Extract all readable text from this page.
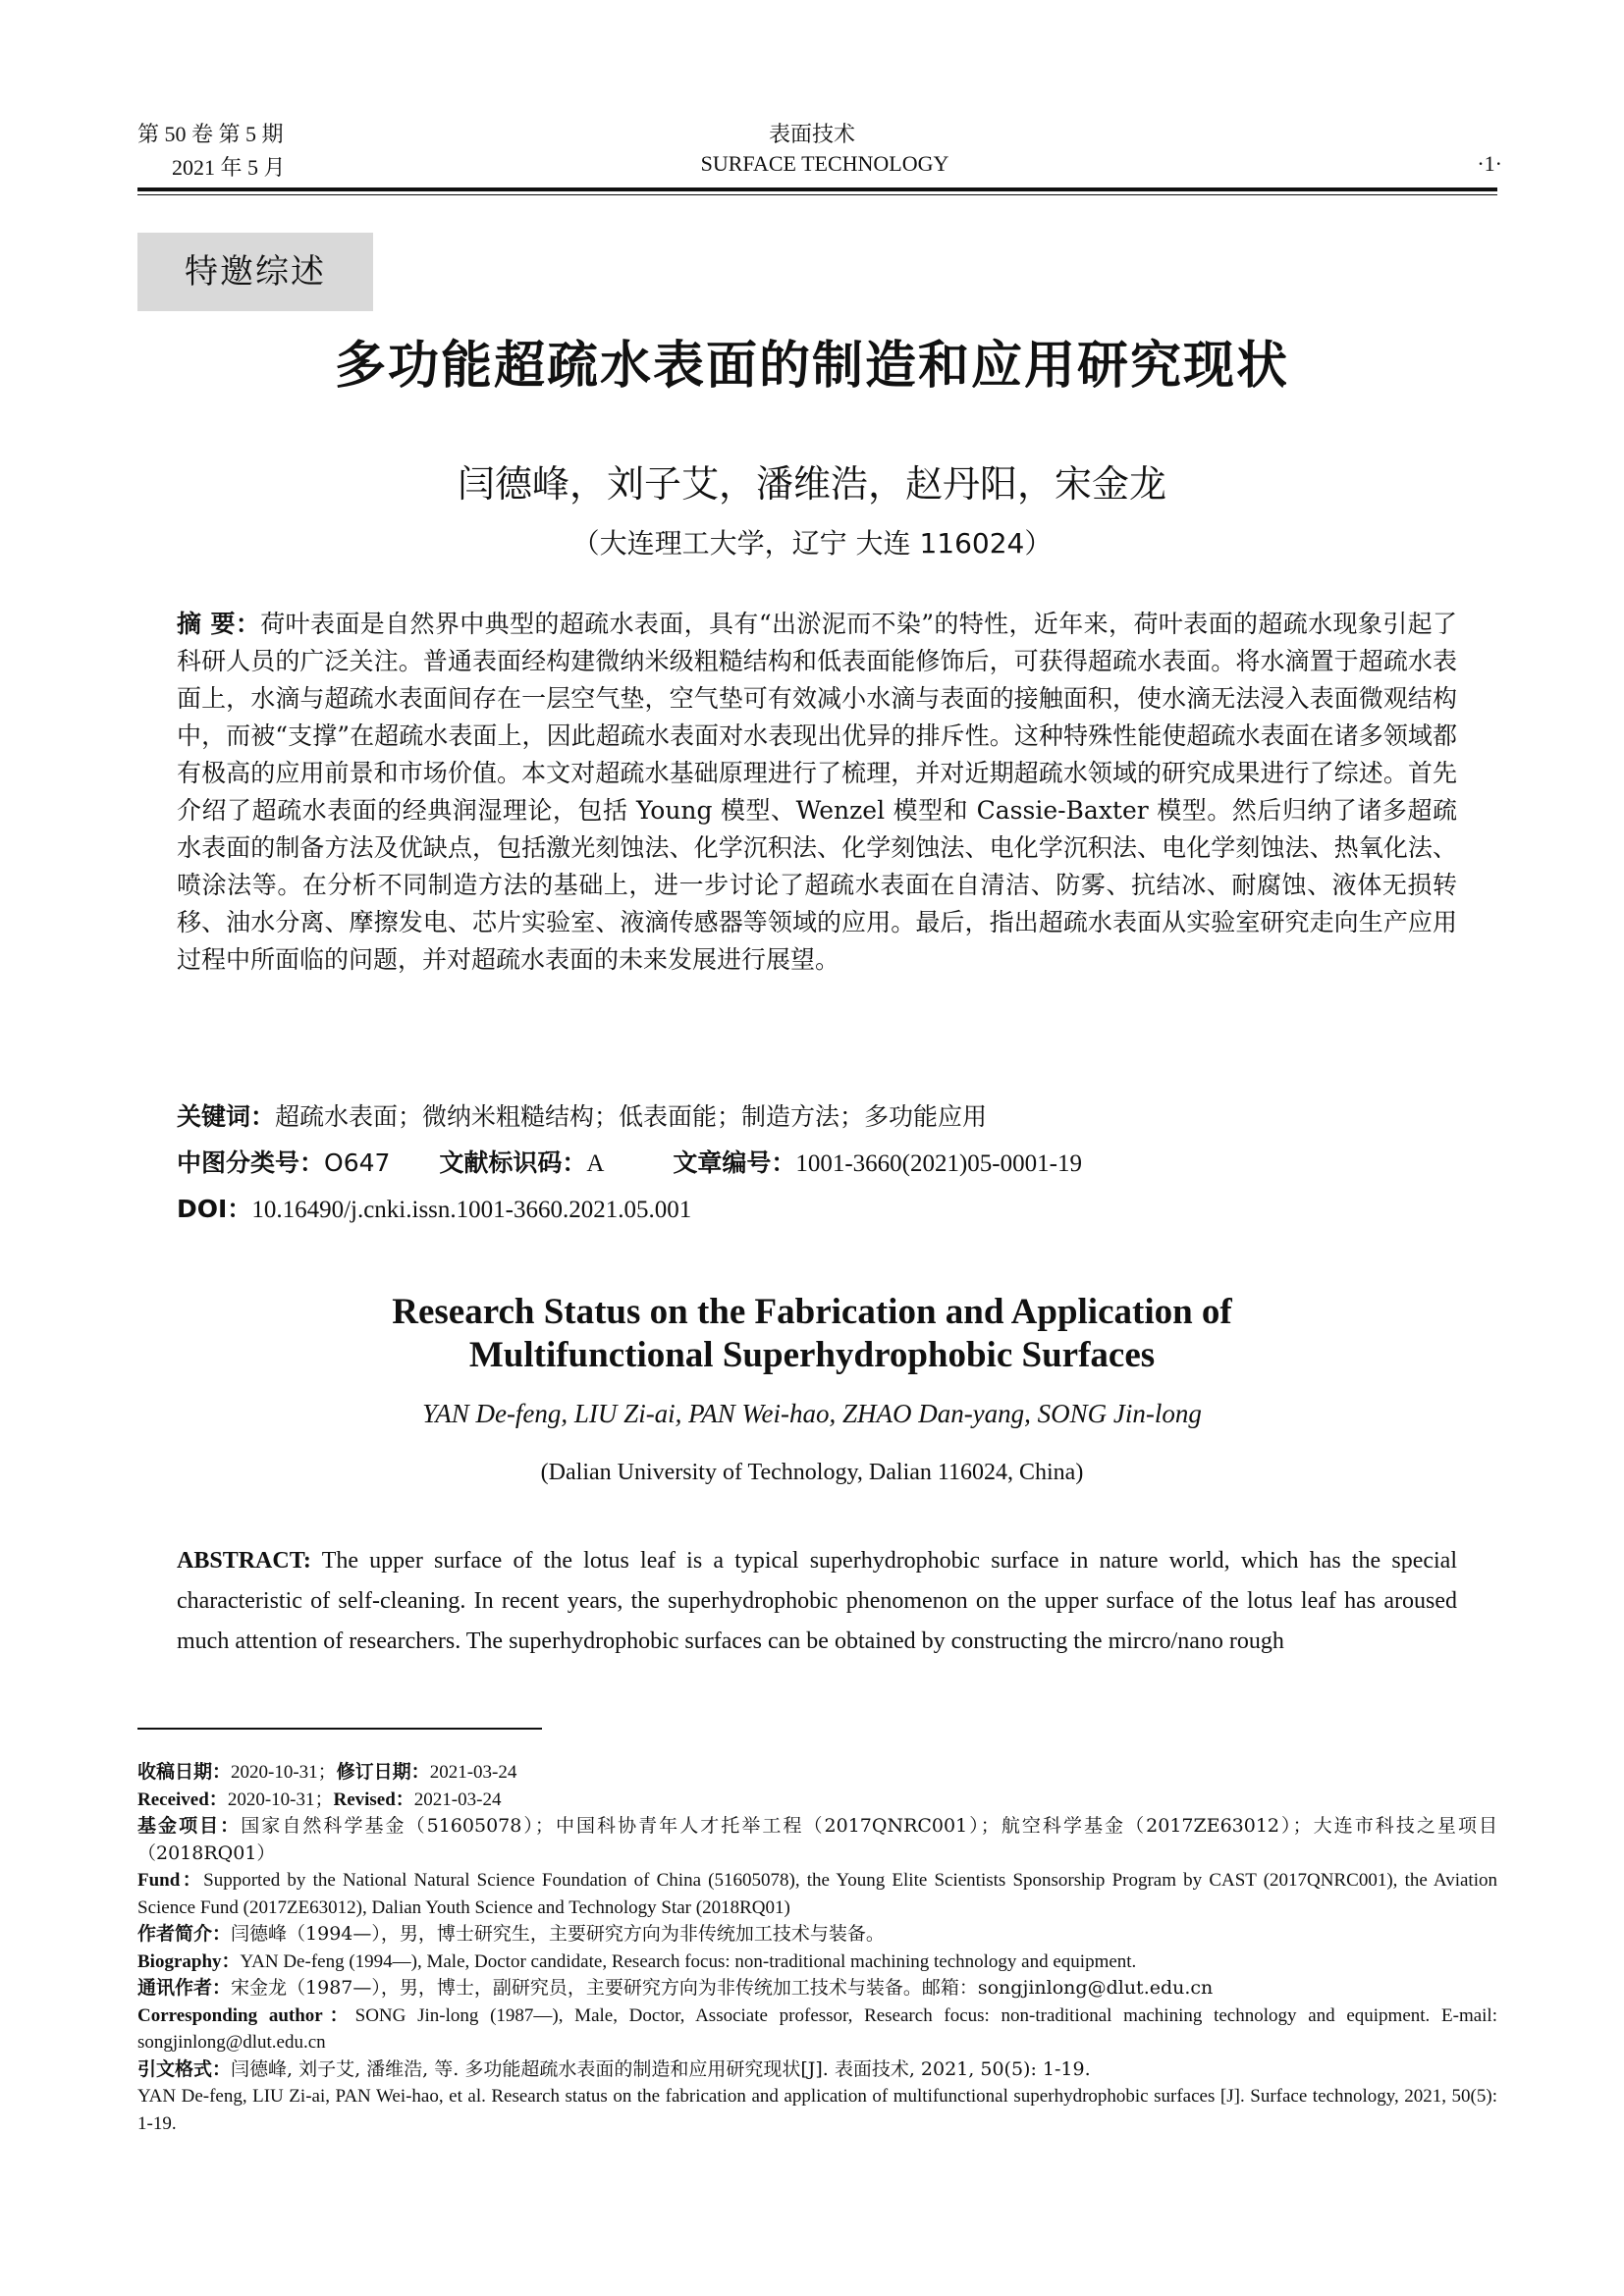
第 50 卷 第 5 期
2021 年 5 月
表面技术
SURFACE TECHNOLOGY	·1·
特邀综述
多功能超疏水表面的制造和应用研究现状
闫德峰，刘子艾，潘维浩，赵丹阳，宋金龙
（大连理工大学，辽宁 大连 116024）
摘 要：荷叶表面是自然界中典型的超疏水表面，具有“出淤泥而不染”的特性，近年来，荷叶表面的超疏水现象引起了科研人员的广泛关注。普通表面经构建微纳米级粗糙结构和低表面能修饰后，可获得超疏水表面。将水滴置于超疏水表面上，水滴与超疏水表面间存在一层空气垫，空气垫可有效减小水滴与表面的接触面积，使水滴无法浸入表面微观结构中，而被“支撑”在超疏水表面上，因此超疏水表面对水表现出优异的排斥性。这种特殊性能使超疏水表面在诸多领域都有极高的应用前景和市场价值。本文对超疏水基础原理进行了梳理，并对近期超疏水领域的研究成果进行了综述。首先介绍了超疏水表面的经典润湿理论，包括 Young 模型、Wenzel 模型和 Cassie-Baxter 模型。然后归纳了诸多超疏水表面的制备方法及优缺点，包括激光刻蚀法、化学沉积法、化学刻蚀法、电化学沉积法、电化学刻蚀法、热氧化法、喷涂法等。在分析不同制造方法的基础上，进一步讨论了超疏水表面在自清洁、防雾、抗结冰、耐腐蚀、液体无损转移、油水分离、摩擦发电、芯片实验室、液滴传感器等领域的应用。最后，指出超疏水表面从实验室研究走向生产应用过程中所面临的问题，并对超疏水表面的未来发展进行展望。
关键词：超疏水表面；微纳米粗糙结构；低表面能；制造方法；多功能应用
中图分类号：O647 文献标识码：A	文章编号：1001-3660(2021)05-0001-19
DOI：10.16490/j.cnki.issn.1001-3660.2021.05.001
Research Status on the Fabrication and Application of
Multifunctional Superhydrophobic Surfaces
YAN De-feng, LIU Zi-ai, PAN Wei-hao, ZHAO Dan-yang, SONG Jin-long
(Dalian University of Technology, Dalian 116024, China)
ABSTRACT: The upper surface of the lotus leaf is a typical superhydrophobic surface in nature world, which has the special characteristic of self-cleaning. In recent years, the superhydrophobic phenomenon on the upper surface of the lotus leaf has aroused much attention of researchers. The superhydrophobic surfaces can be obtained by constructing the mircro/nano rough

收稿日期：2020-10-31；修订日期：2021-03-24

Received：2020-10-31；Revised：2021-03-24

基金项目：国家自然科学基金（51605078）；中国科协青年人才托举工程（2017QNRC001）；航空科学基金（2017ZE63012）；大连市科技之星项目（2018RQ01）

Fund：Supported by the National Natural Science Foundation of China (51605078), the Young Elite Scientists Sponsorship Program by CAST (2017QNRC001), the Aviation Science Fund (2017ZE63012), Dalian Youth Science and Technology Star (2018RQ01)

作者简介：闫德峰（1994—），男，博士研究生，主要研究方向为非传统加工技术与装备。

Biography：YAN De-feng (1994—), Male, Doctor candidate, Research focus: non-traditional machining technology and equipment.

通讯作者：宋金龙（1987—），男，博士，副研究员，主要研究方向为非传统加工技术与装备。邮箱：songjinlong@dlut.edu.cn

Corresponding author：SONG Jin-long (1987—), Male, Doctor, Associate professor, Research focus: non-traditional machining technology and equipment. E-mail: songjinlong@dlut.edu.cn

引文格式：闫德峰, 刘子艾, 潘维浩, 等. 多功能超疏水表面的制造和应用研究现状[J]. 表面技术, 2021, 50(5): 1-19.

YAN De-feng, LIU Zi-ai, PAN Wei-hao, et al. Research status on the fabrication and application of multifunctional superhydrophobic surfaces [J]. Surface technology, 2021, 50(5): 1-19.
